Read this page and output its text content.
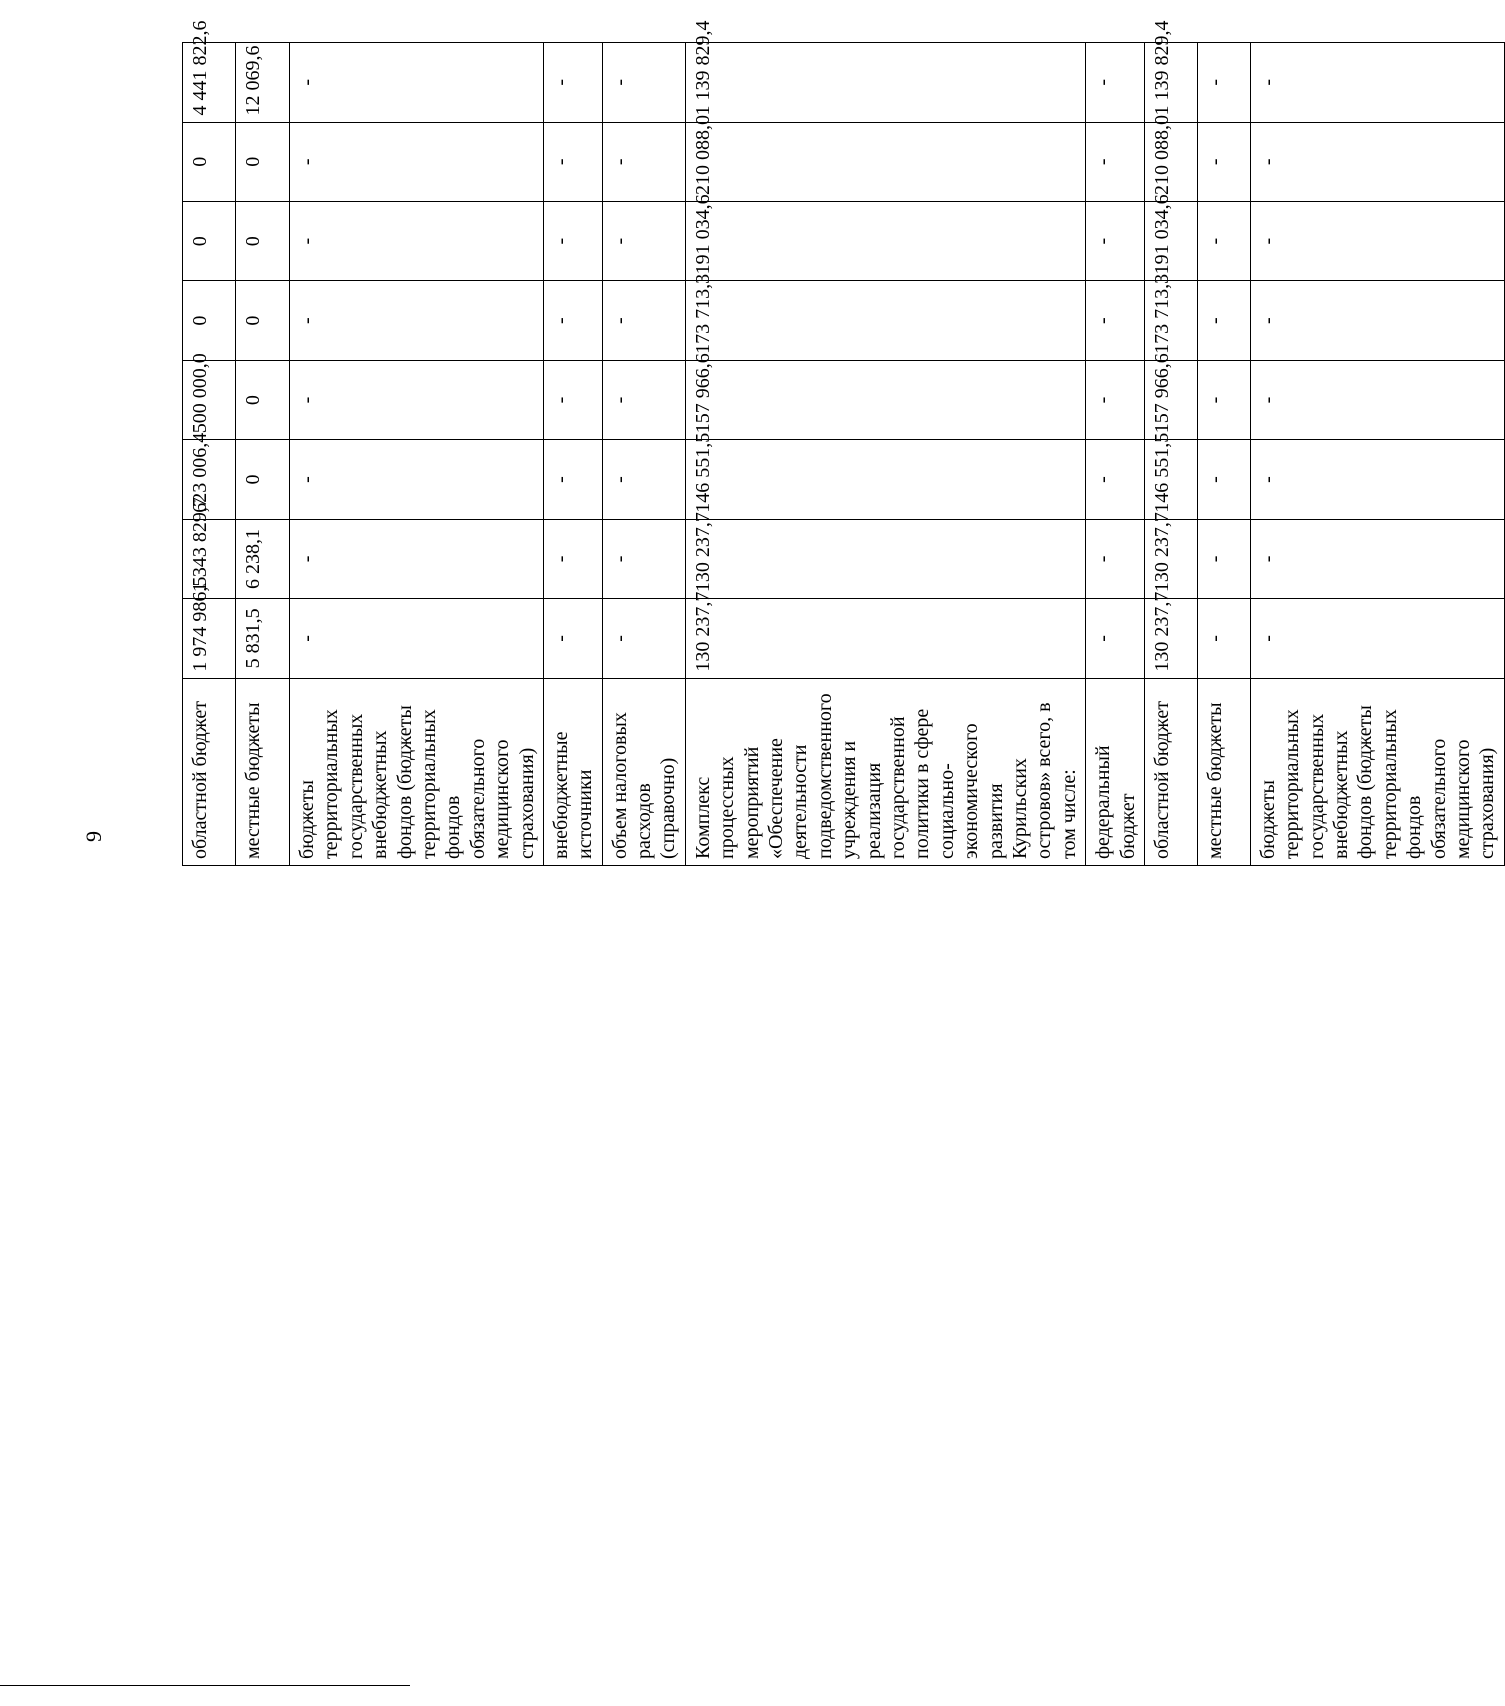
9	областной бюджет	1 974 986,5	1 343 829,7	623 006,4	500 000,0	0	0	0	4 441 822,6
местные бюджеты	5 831,5	6 238,1	0	0	0	0	0	12 069,6
бюджеты территориальных государственных внебюджетных фондов (бюджеты территориальных фондов обязательного медицинского страхования)	-	-	-	-	-	-	-	-
внебюджетные источники	-	-	-	-	-	-	-	-
объем налоговых расходов (справочно)	-	-	-	-	-	-	-	-
Комплекс процессных мероприятий «Обеспечение деятельности подведомственного учреждения и реализация государственной политики в сфере социально-экономического развития Курильских островов» всего, в том числе:	130 237,7	130 237,7	146 551,5	157 966,6	173 713,3	191 034,6	210 088,0	1 139 829,4
федеральный бюджет	-	-	-	-	-	-	-	-
областной бюджет	130 237,7	130 237,7	146 551,5	157 966,6	173 713,3	191 034,6	210 088,0	1 139 829,4
местные бюджеты	-	-	-	-	-	-	-	-
бюджеты территориальных государственных внебюджетных фондов (бюджеты территориальных фондов обязательного медицинского страхования)	-	-	-	-	-	-	-	-
